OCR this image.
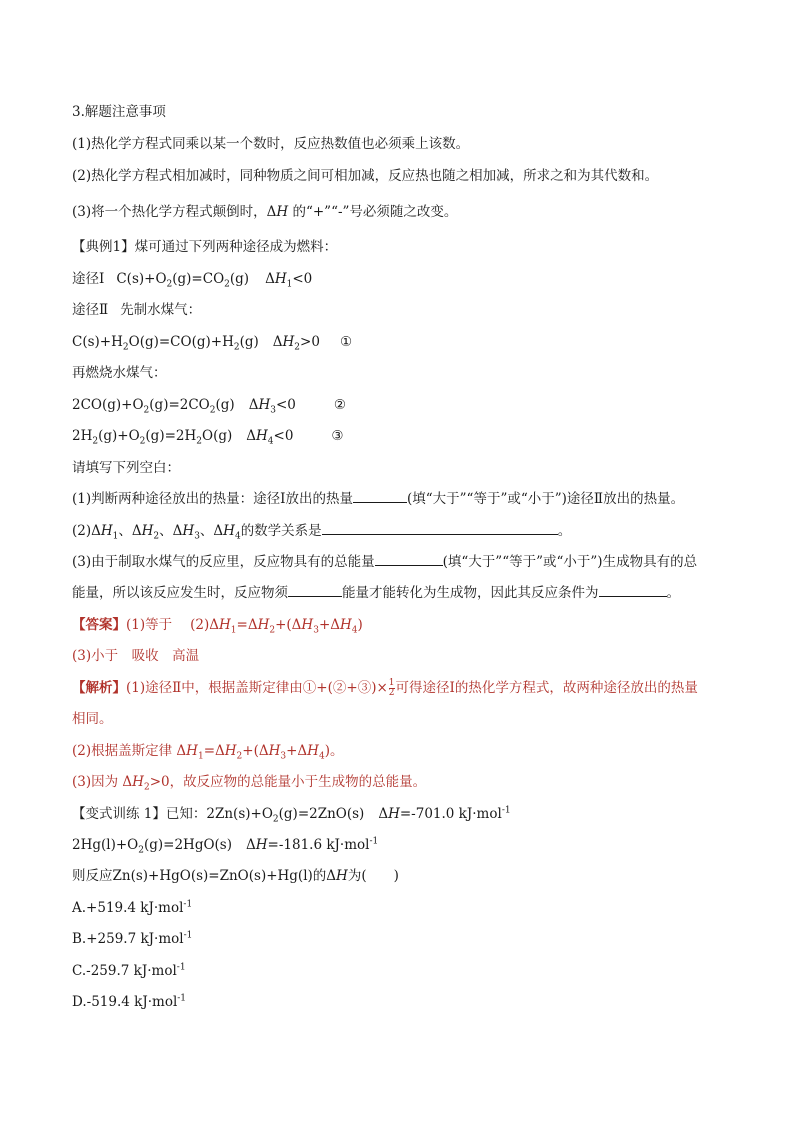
3.解题注意事项
(1)热化学方程式同乘以某一个数时，反应热数值也必须乘上该数。
(2)热化学方程式相加减时，同种物质之间可相加减，反应热也随之相加减，所求之和为其代数和。
(3)将一个热化学方程式颠倒时，ΔH 的“+”“-”号必须随之改变。
【典例1】煤可通过下列两种途径成为燃料：
途径Ⅰ $C(s)+O_2(g)=CO_2(g)$ $\Delta H_1<0$
途径Ⅱ 先制水煤气：
$C(s)+H_2O(g)=CO(g)+H_2(g)$ $\Delta H_2>0$ ①
再燃烧水煤气：
$2CO(g)+O_2(g)=2CO_2(g)$ $\Delta H_3<0$	②
$2H_2(g)+O_2(g)=2H_2O(g)$ $\Delta H_4<0$	③
请填写下列空白：
(1)判断两种途径放出的热量：途径Ⅰ放出的热量	(填“大于”“等于”或“小于”)途径Ⅱ放出的热量。
$(2)\Delta H_1$、$\Delta H_2$、$\Delta H_3$、$\Delta H_4$的数学关系是	。
(3)由于制取水煤气的反应里，反应物具有的总能量	(填“大于”“等于”或“小于”)生成物具有的总
能量，所以该反应发生时，反应物须	能量才能转化为生成物，因此其反应条件为	。
【答案】(1)等于 $(2)\Delta H_1=\Delta H_2+(\Delta H_3+\Delta H_4)$
(3)小于　吸收　高温
【解析】(1)途径Ⅱ中，根据盖斯定律由①+(②+③)× $\frac{1}{2}$ 可得途径Ⅰ的热化学方程式，故两种途径放出的热量
相同。
(2)根据盖斯定律 $\Delta H_1=\Delta H_2+(\Delta H_3+\Delta H_4)$。
(3)因为 $\Delta H_2>0$，故反应物的总能量小于生成物的总能量。
【变式训练 1】已知：$2Zn(s)+O_2(g)=2ZnO(s)$ ΔH=-701.0 kJ·mol$^{-1}$
$2Hg(l)+O_2(g)=2HgO(s)$ ΔH=-181.6 kJ·mol$^{-1}$
则反应Zn(s)+HgO(s)=ZnO(s)+Hg(l)的ΔH为(　　)
A.+519.4 kJ·mol$^{-1}$
B.+259.7 kJ·mol$^{-1}$
C.-259.7 kJ·mol$^{-1}$
D.-519.4 kJ·mol$^{-1}$
